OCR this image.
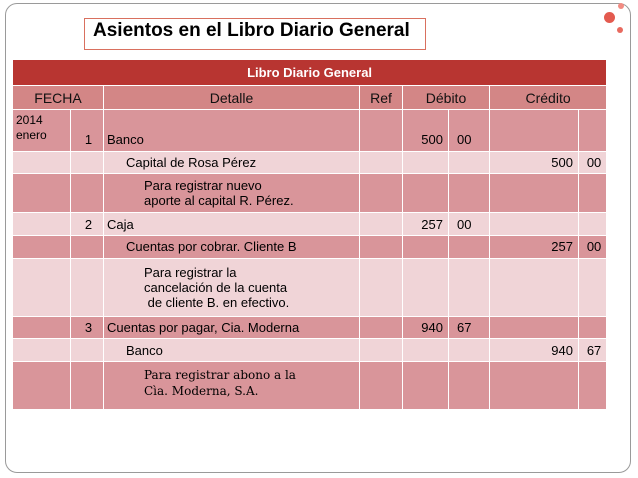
Asientos en el Libro Diario General
Libro Diario General							
FECHA		Detalle	Ref	Débito		Crédito	

2014
enero	1	Banco		500	00		
		Capital de Rosa Pérez				500	00

		Para registrar nuevo
aporte al capital R. Pérez.					

	2	Caja		257	00		
		Cuentas por cobrar. Cliente B				257	00

		Para registrar la
cancelación de la cuenta
de cliente B. en efectivo.					

	3	Cuentas por pagar, Cia. Moderna		940	67		
		Banco				940	67

		Para registrar abono a la
Cìa. Moderna, S.A.					
